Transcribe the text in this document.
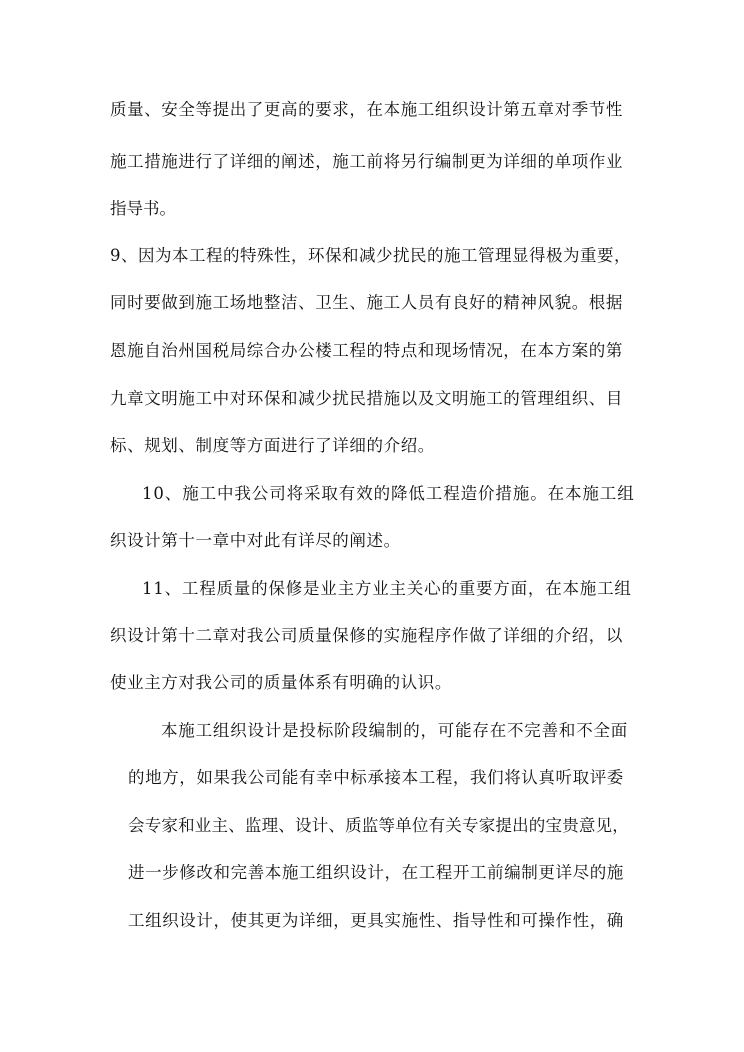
质量、安全等提出了更高的要求，在本施工组织设计第五章对季节性
施工措施进行了详细的阐述，施工前将另行编制更为详细的单项作业
指导书。
9、因为本工程的特殊性，环保和减少扰民的施工管理显得极为重要，
同时要做到施工场地整洁、卫生、施工人员有良好的精神风貌。根据
恩施自治州国税局综合办公楼工程的特点和现场情况，在本方案的第
九章文明施工中对环保和减少扰民措施以及文明施工的管理组织、目
标、规划、制度等方面进行了详细的介绍。
10、施工中我公司将采取有效的降低工程造价措施。在本施工组
织设计第十一章中对此有详尽的阐述。
11、工程质量的保修是业主方业主关心的重要方面，在本施工组
织设计第十二章对我公司质量保修的实施程序作做了详细的介绍，以
使业主方对我公司的质量体系有明确的认识。
本施工组织设计是投标阶段编制的，可能存在不完善和不全面
的地方，如果我公司能有幸中标承接本工程，我们将认真听取评委
会专家和业主、监理、设计、质监等单位有关专家提出的宝贵意见，
进一步修改和完善本施工组织设计，在工程开工前编制更详尽的施
工组织设计，使其更为详细，更具实施性、指导性和可操作性，确
